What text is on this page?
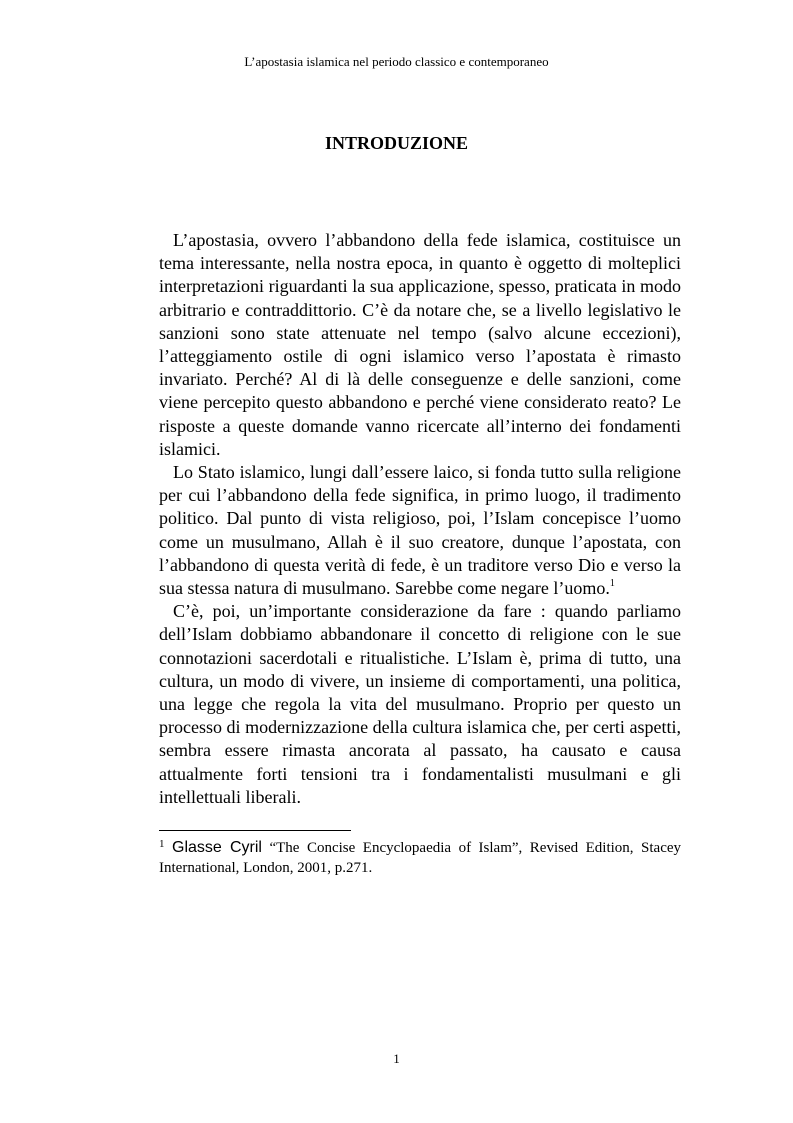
L’apostasia islamica nel periodo classico e contemporaneo
INTRODUZIONE

L’apostasia, ovvero l’abbandono della fede islamica, costituisce un tema interessante, nella nostra epoca, in quanto è oggetto di molteplici interpretazioni riguardanti la sua applicazione, spesso, praticata in modo arbitrario e contraddittorio. C’è da notare che, se a livello legislativo le sanzioni sono state attenuate nel tempo (salvo alcune eccezioni), l’atteggiamento ostile di ogni islamico verso l’apostata è rimasto invariato. Perché? Al di là delle conseguenze e delle sanzioni, come viene percepito questo abbandono e perché viene considerato reato? Le risposte a queste domande vanno ricercate all’interno dei fondamenti islamici.

Lo Stato islamico, lungi dall’essere laico, si fonda tutto sulla religione per cui l’abbandono della fede significa, in primo luogo, il tradimento politico. Dal punto di vista religioso, poi, l’Islam concepisce l’uomo come un musulmano, Allah è il suo creatore, dunque l’apostata, con l’abbandono di questa verità di fede, è un traditore verso Dio e verso la sua stessa natura di musulmano. Sarebbe come negare l’uomo.$^1$

C’è, poi, un’importante considerazione da fare : quando parliamo dell’Islam dobbiamo abbandonare il concetto di religione con le sue connotazioni sacerdotali e ritualistiche. L’Islam è, prima di tutto, una cultura, un modo di vivere, un insieme di comportamenti, una politica, una legge che regola la vita del musulmano. Proprio per questo un processo di modernizzazione della cultura islamica che, per certi aspetti, sembra essere rimasta ancorata al passato, ha causato e causa attualmente forti tensioni tra i fondamentalisti musulmani e gli intellettuali liberali.

$^1$ Glasse Cyril “The Concise Encyclopaedia of Islam”, Revised Edition, Stacey International, London, 2001, p.271.
1
